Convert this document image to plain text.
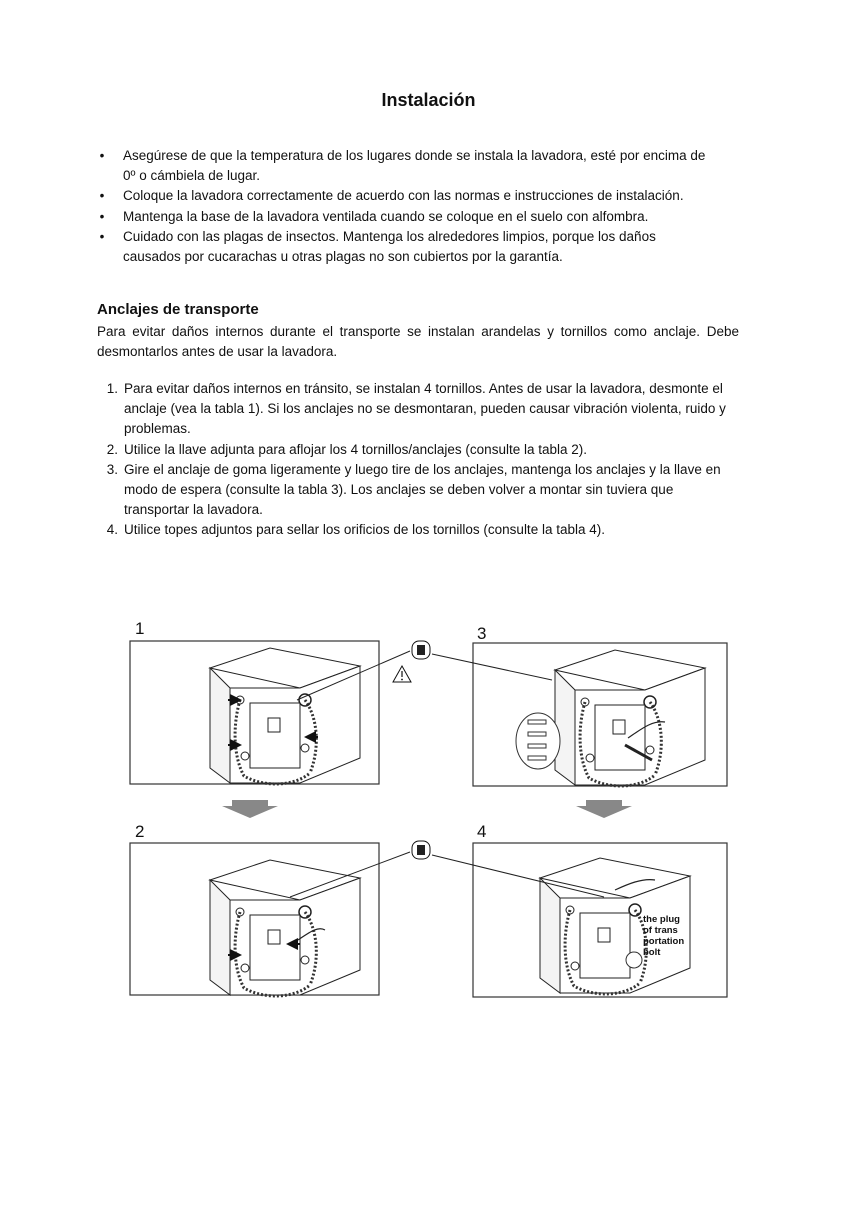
Instalación
• Asegúrese de que la temperatura de los lugares donde se instala la lavadora, esté por encima de 0º o cámbiela de lugar.
• Coloque la lavadora correctamente de acuerdo con las normas e instrucciones de instalación.
• Mantenga la base de la lavadora ventilada cuando se coloque en el suelo con alfombra.
• Cuidado con las plagas de insectos. Mantenga los alrededores limpios, porque los daños causados por cucarachas u otras plagas no son cubiertos por la garantía.
Anclajes de transporte
Para evitar daños internos durante el transporte se instalan arandelas y tornillos como anclaje. Debe desmontarlos antes de usar la lavadora.
1. Para evitar daños internos en tránsito, se instalan 4 tornillos. Antes de usar la lavadora, desmonte el anclaje (vea la tabla 1). Si los anclajes no se desmontaran, pueden causar vibración violenta, ruido y problemas.
2. Utilice la llave adjunta para aflojar los 4 tornillos/anclajes (consulte la tabla 2).
3. Gire el anclaje de goma ligeramente y luego tire de los anclajes, mantenga los anclajes y la llave en modo de espera (consulte la tabla 3). Los anclajes se deben volver a montar sin tuviera que transportar la lavadora.
4. Utilice topes adjuntos para sellar los orificios de los tornillos (consulte la tabla 4).
1
2
3
4
the plug
of trans
portation
bolt
